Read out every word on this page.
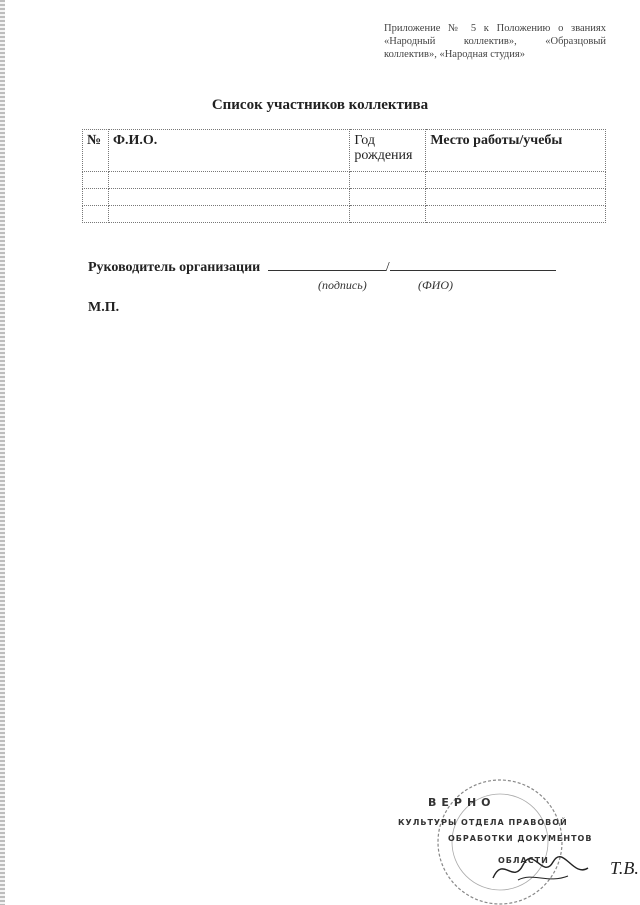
Приложение № 5 к Положению о званиях «Народный коллектив», «Образцовый коллектив», «Народная студия»
Список участников коллектива
№	Ф.И.О.	Год рождения	Место работы/учебы

Руководитель организации	/
(подпись)	(ФИО)
М.П.
ВЕРНО
КУЛЬТУРЫ ОТДЕЛА ПРАВОВОЙ
ОБРАБОТКИ ДОКУМЕНТОВ
ОБЛАСТИ	Т.В.
